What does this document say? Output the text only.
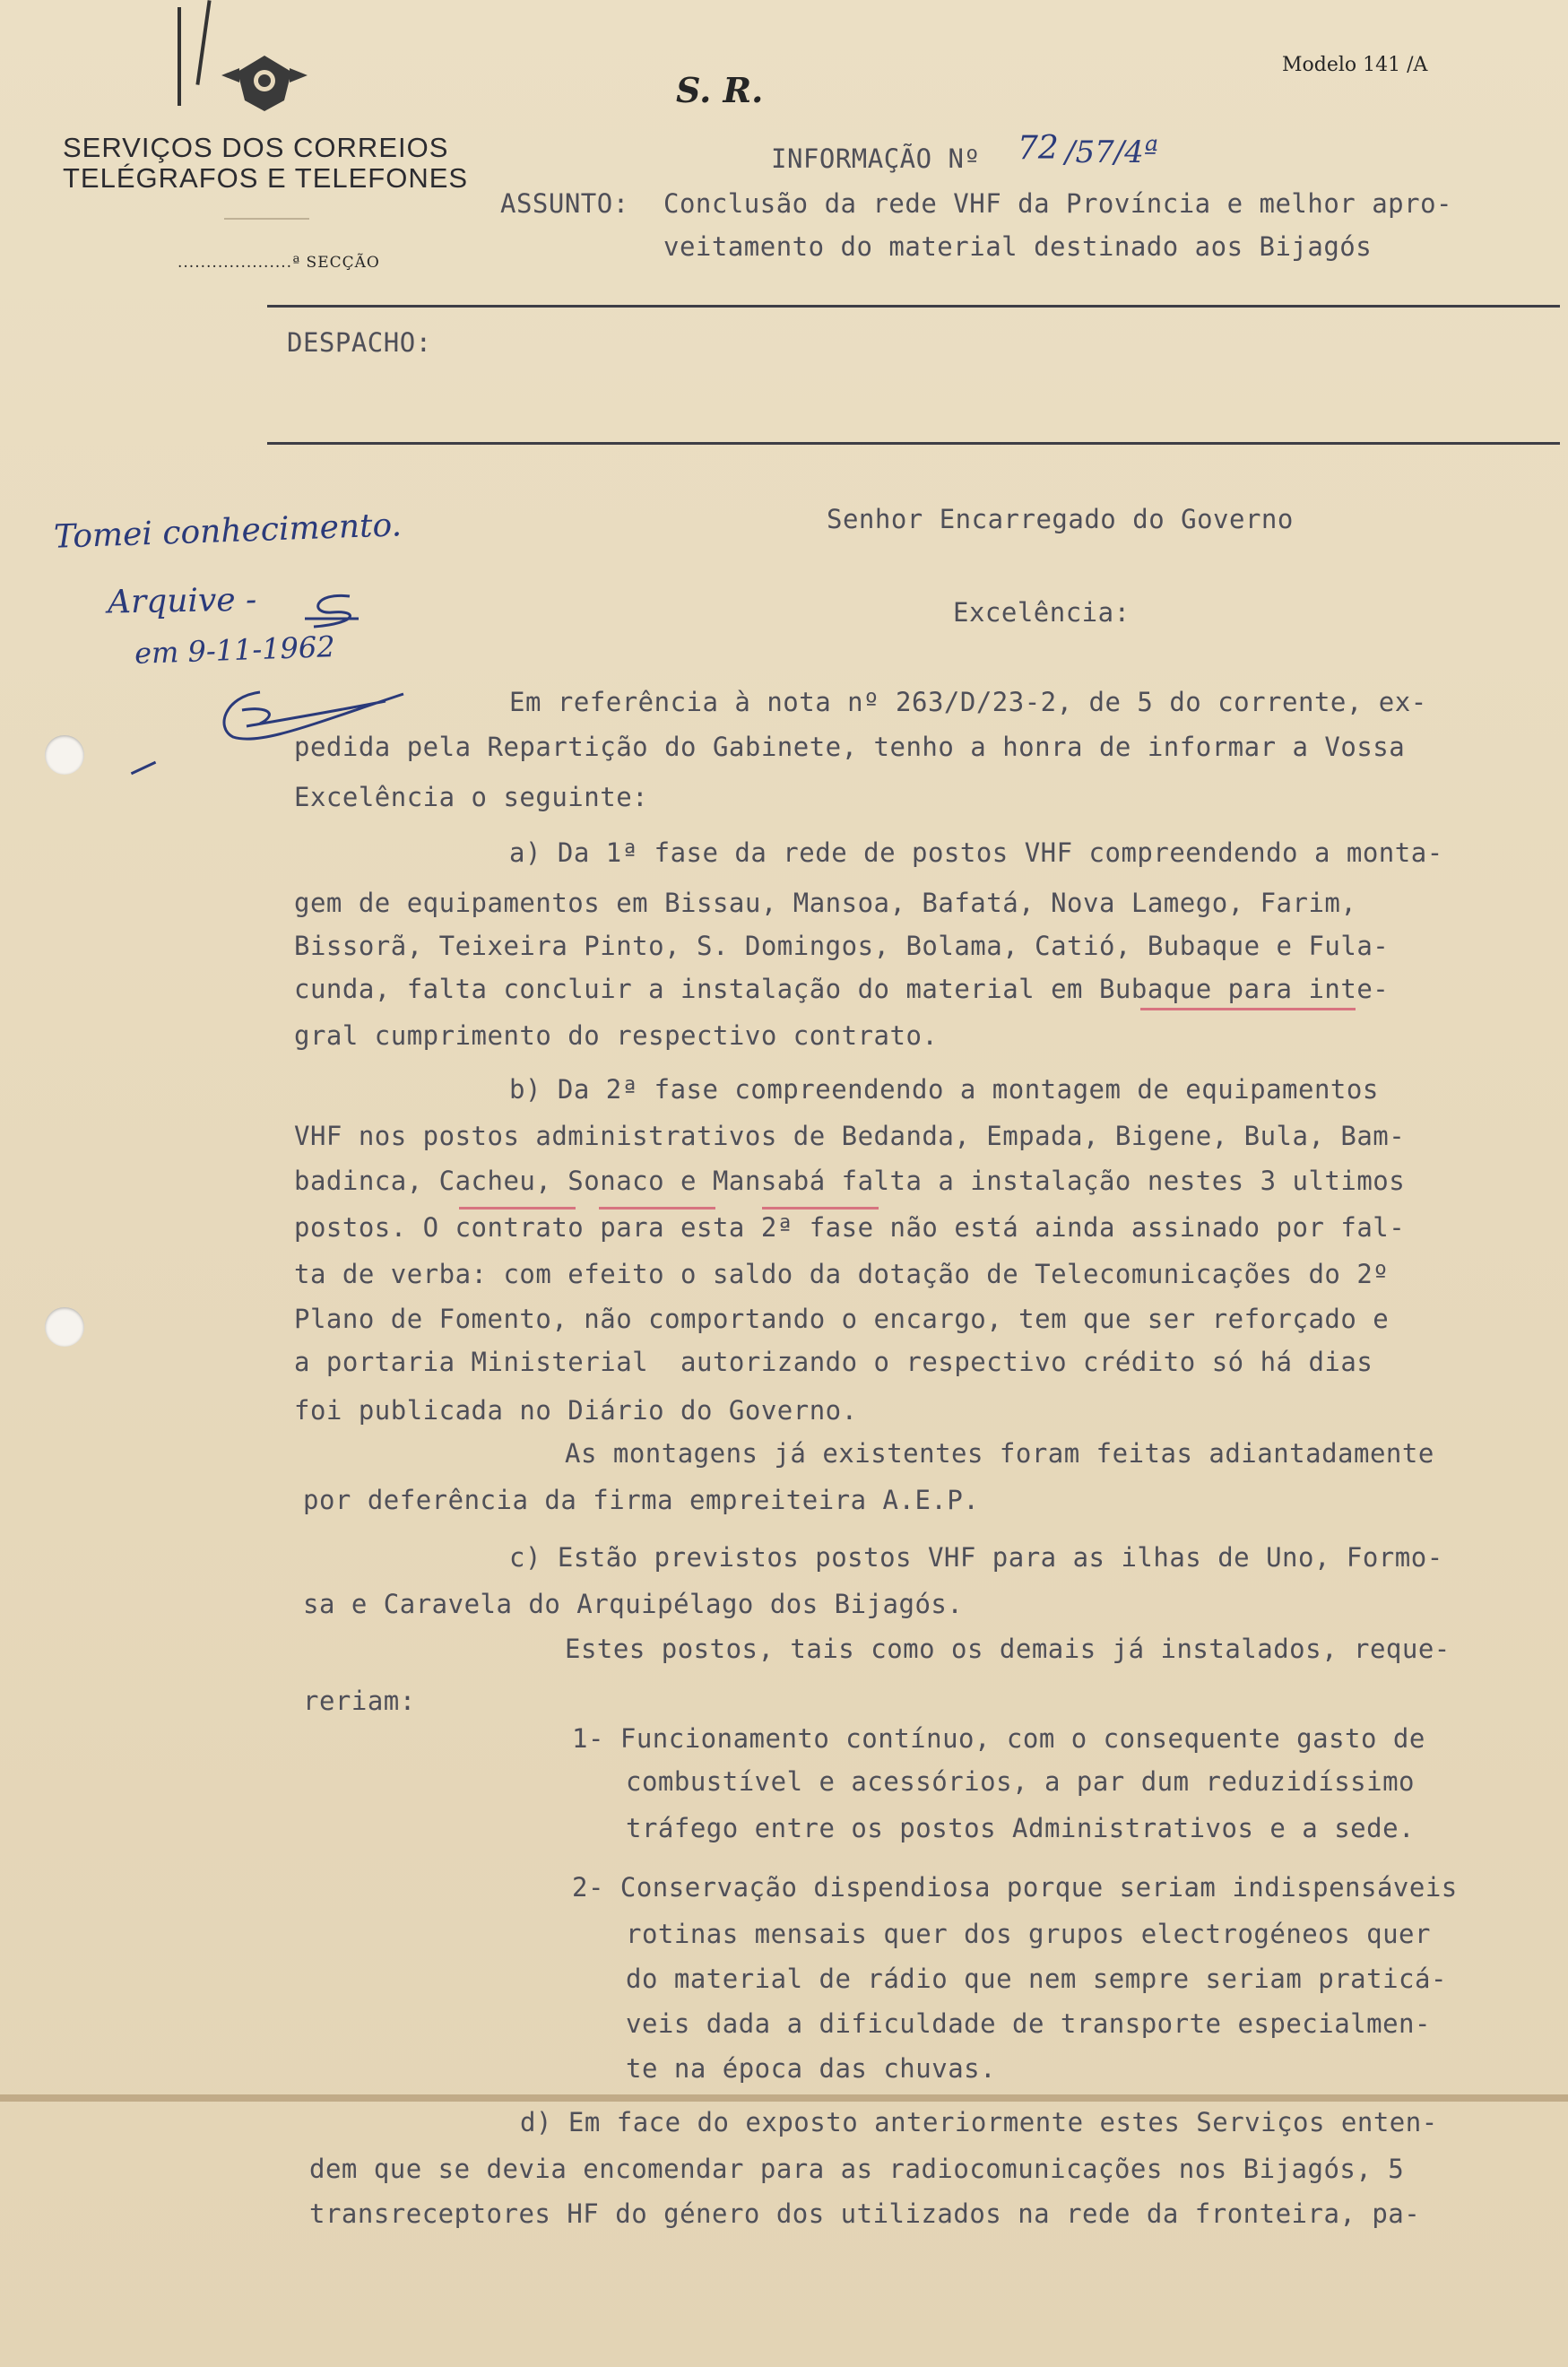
SERVIÇOS DOS CORREIOS
TELÉGRAFOS E TELEFONES
....................ª SECÇÃO
S. R.
Modelo 141 /A
INFORMAÇÃO Nº 72 /57/4ª
ASSUNTO: Conclusão da rede VHF da Província e melhor apro-
veitamento do material destinado aos Bijagós
DESPACHO:
Tomei conhecimento.
Arquive -
em 9-11-1962
Senhor Encarregado do Governo
Excelência:
Em referência à nota nº 263/D/23-2, de 5 do corrente, ex-
pedida pela Repartição do Gabinete, tenho a honra de informar a Vossa
Excelência o seguinte:
a) Da 1ª fase da rede de postos VHF compreendendo a monta-
gem de equipamentos em Bissau, Mansoa, Bafatá, Nova Lamego, Farim,
Bissorã, Teixeira Pinto, S. Domingos, Bolama, Catió, Bubaque e Fula-
cunda, falta concluir a instalação do material em Bubaque para inte-
gral cumprimento do respectivo contrato.
b) Da 2ª fase compreendendo a montagem de equipamentos
VHF nos postos administrativos de Bedanda, Empada, Bigene, Bula, Bam-
badinca, Cacheu, Sonaco e Mansabá falta a instalação nestes 3 ultimos
postos. O contrato para esta 2ª fase não está ainda assinado por fal-
ta de verba: com efeito o saldo da dotação de Telecomunicações do 2º
Plano de Fomento, não comportando o encargo, tem que ser reforçado e
a portaria Ministerial  autorizando o respectivo crédito só há dias
foi publicada no Diário do Governo.
As montagens já existentes foram feitas adiantadamente
por deferência da firma empreiteira A.E.P.
c) Estão previstos postos VHF para as ilhas de Uno, Formo-
sa e Caravela do Arquipélago dos Bijagós.
Estes postos, tais como os demais já instalados, reque-
reriam:
1- Funcionamento contínuo, com o consequente gasto de
combustível e acessórios, a par dum reduzidíssimo
tráfego entre os postos Administrativos e a sede.
2- Conservação dispendiosa porque seriam indispensáveis
rotinas mensais quer dos grupos electrogéneos quer
do material de rádio que nem sempre seriam praticá-
veis dada a dificuldade de transporte especialmen-
te na época das chuvas.
d) Em face do exposto anteriormente estes Serviços enten-
dem que se devia encomendar para as radiocomunicações nos Bijagós, 5
transreceptores HF do género dos utilizados na rede da fronteira, pa-
